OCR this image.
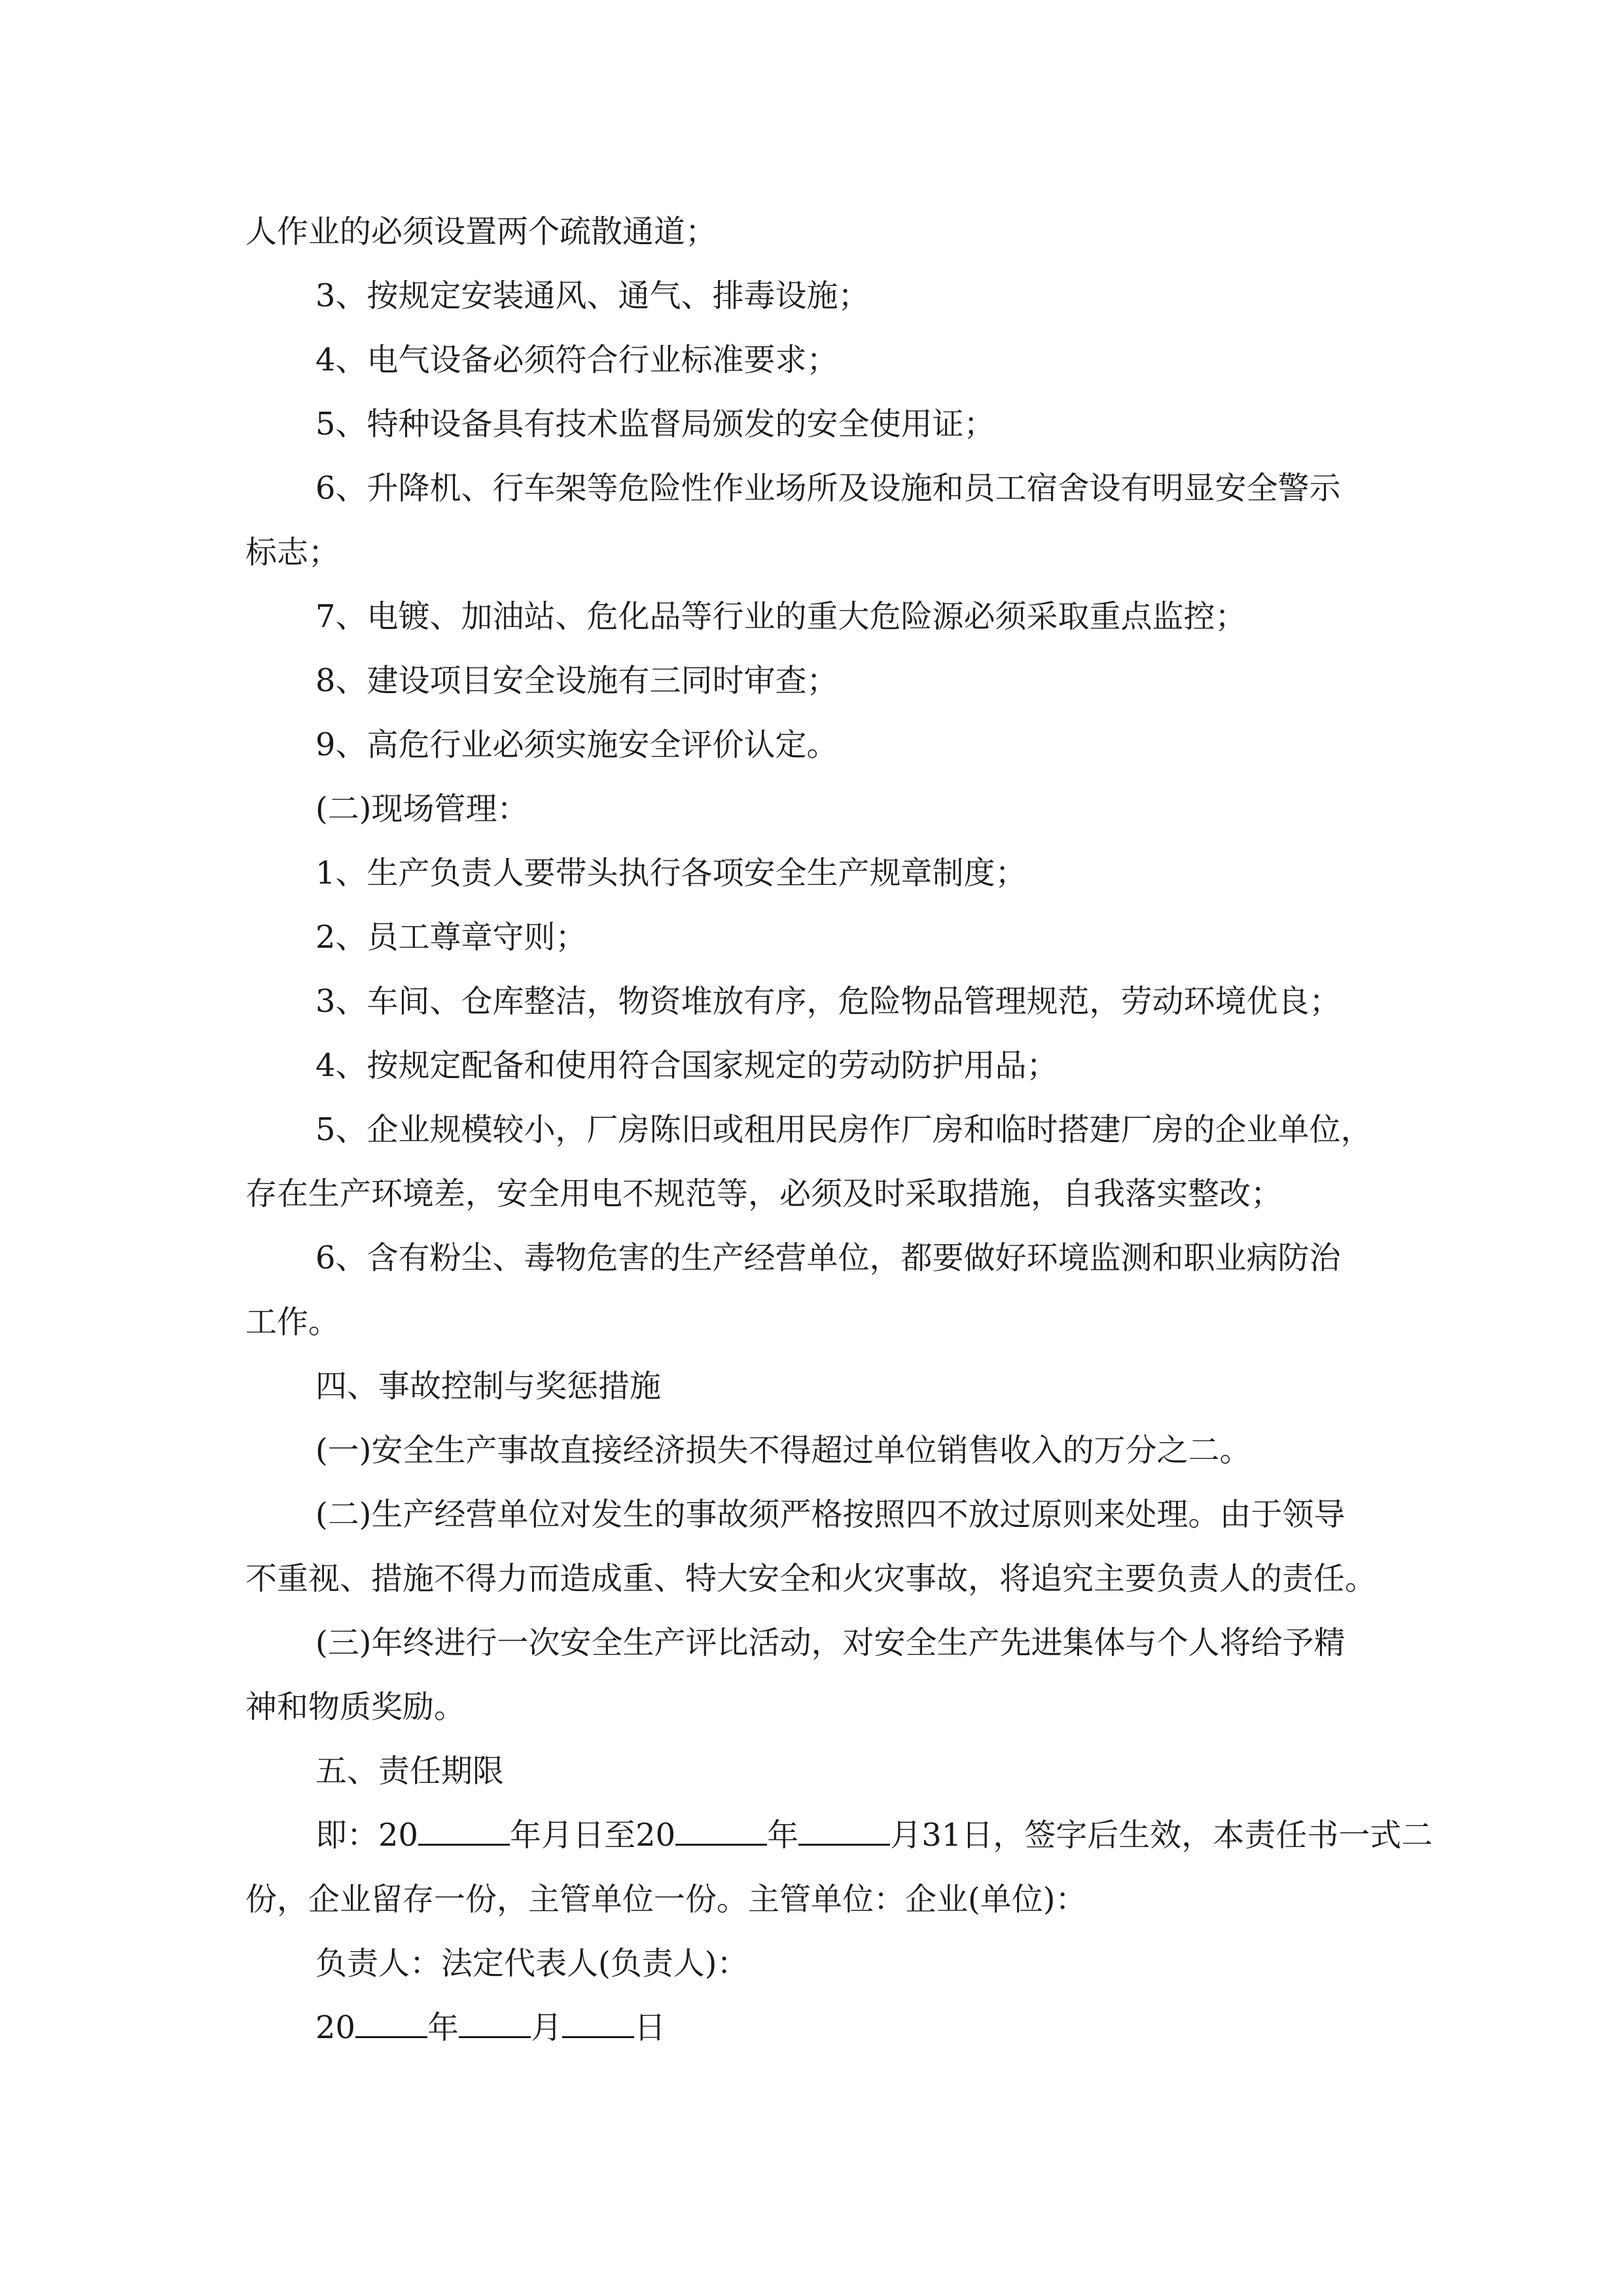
人作业的必须设置两个疏散通道；

3、按规定安装通风、通气、排毒设施；

4、电气设备必须符合行业标准要求；

5、特种设备具有技术监督局颁发的安全使用证；

6、升降机、行车架等危险性作业场所及设施和员工宿舍设有明显安全警示

标志；

7、电镀、加油站、危化品等行业的重大危险源必须采取重点监控；

8、建设项目安全设施有三同时审查；

9、高危行业必须实施安全评价认定。

(二)现场管理：

1、生产负责人要带头执行各项安全生产规章制度；

2、员工尊章守则；

3、车间、仓库整洁，物资堆放有序，危险物品管理规范，劳动环境优良；

4、按规定配备和使用符合国家规定的劳动防护用品；

5、企业规模较小，厂房陈旧或租用民房作厂房和临时搭建厂房的企业单位，

存在生产环境差，安全用电不规范等，必须及时采取措施，自我落实整改；

6、含有粉尘、毒物危害的生产经营单位，都要做好环境监测和职业病防治

工作。

四、事故控制与奖惩措施

(一)安全生产事故直接经济损失不得超过单位销售收入的万分之二。

(二)生产经营单位对发生的事故须严格按照四不放过原则来处理。由于领导

不重视、措施不得力而造成重、特大安全和火灾事故，将追究主要负责人的责任。

(三)年终进行一次安全生产评比活动，对安全生产先进集体与个人将给予精

神和物质奖励。

五、责任期限

即：20	年月日至20	年	月31日，签字后生效，本责任书一式二

份，企业留存一份，主管单位一份。主管单位：企业(单位)：

负责人：法定代表人(负责人)：

20 年 月 日
